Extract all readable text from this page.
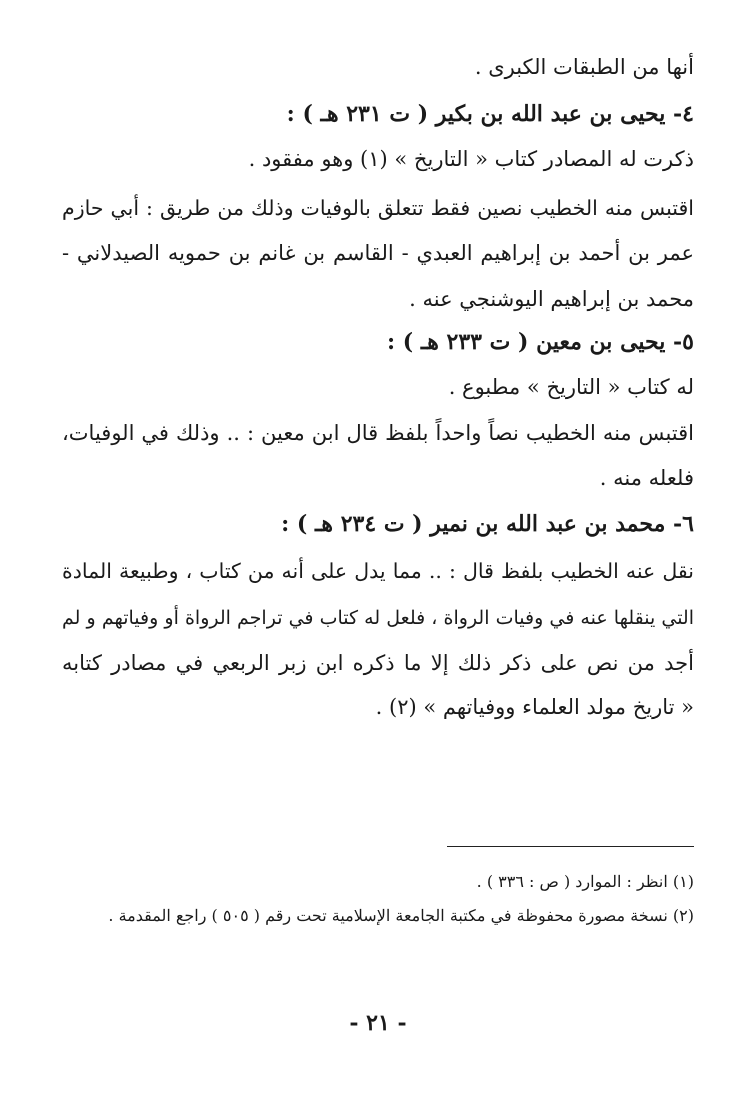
أنها من الطبقات الكبرى .
٤- يحيى بن عبد الله بن بكير ( ت ٢٣١ هـ ) :
ذكرت له المصادر كتاب « التاريخ » (١) وهو مفقود .
اقتبس منه الخطيب نصين فقط تتعلق بالوفيات وذلك من طريق : أبي حازم
عمر بن أحمد بن إبراهيم العبدي - القاسم بن غانم بن حمويه الصيدلاني -
محمد بن إبراهيم اليوشنجي عنه .
٥- يحيى بن معين ( ت ٢٣٣ هـ ) :
له كتاب « التاريخ » مطبوع .
اقتبس منه الخطيب نصاً واحداً بلفظ قال ابن معين : .. وذلك في الوفيات،
فلعله منه .
٦- محمد بن عبد الله بن نمير ( ت ٢٣٤ هـ ) :
نقل عنه الخطيب بلفظ قال : .. مما يدل على أنه من كتاب ، وطبيعة المادة
التي ينقلها عنه في وفيات الرواة ، فلعل له كتاب في تراجم الرواة أو وفياتهم و لم
أجد من نص على ذكر ذلك إلا ما ذكره ابن زبر الربعي في مصادر كتابه
« تاريخ مولد العلماء ووفياتهم » (٢) .
(١) انظر : الموارد ( ص : ٣٣٦ ) .
(٢) نسخة مصورة محفوظة في مكتبة الجامعة الإسلامية تحت رقم ( ٥٠٥ ) راجع المقدمة .
- ٢١ -
